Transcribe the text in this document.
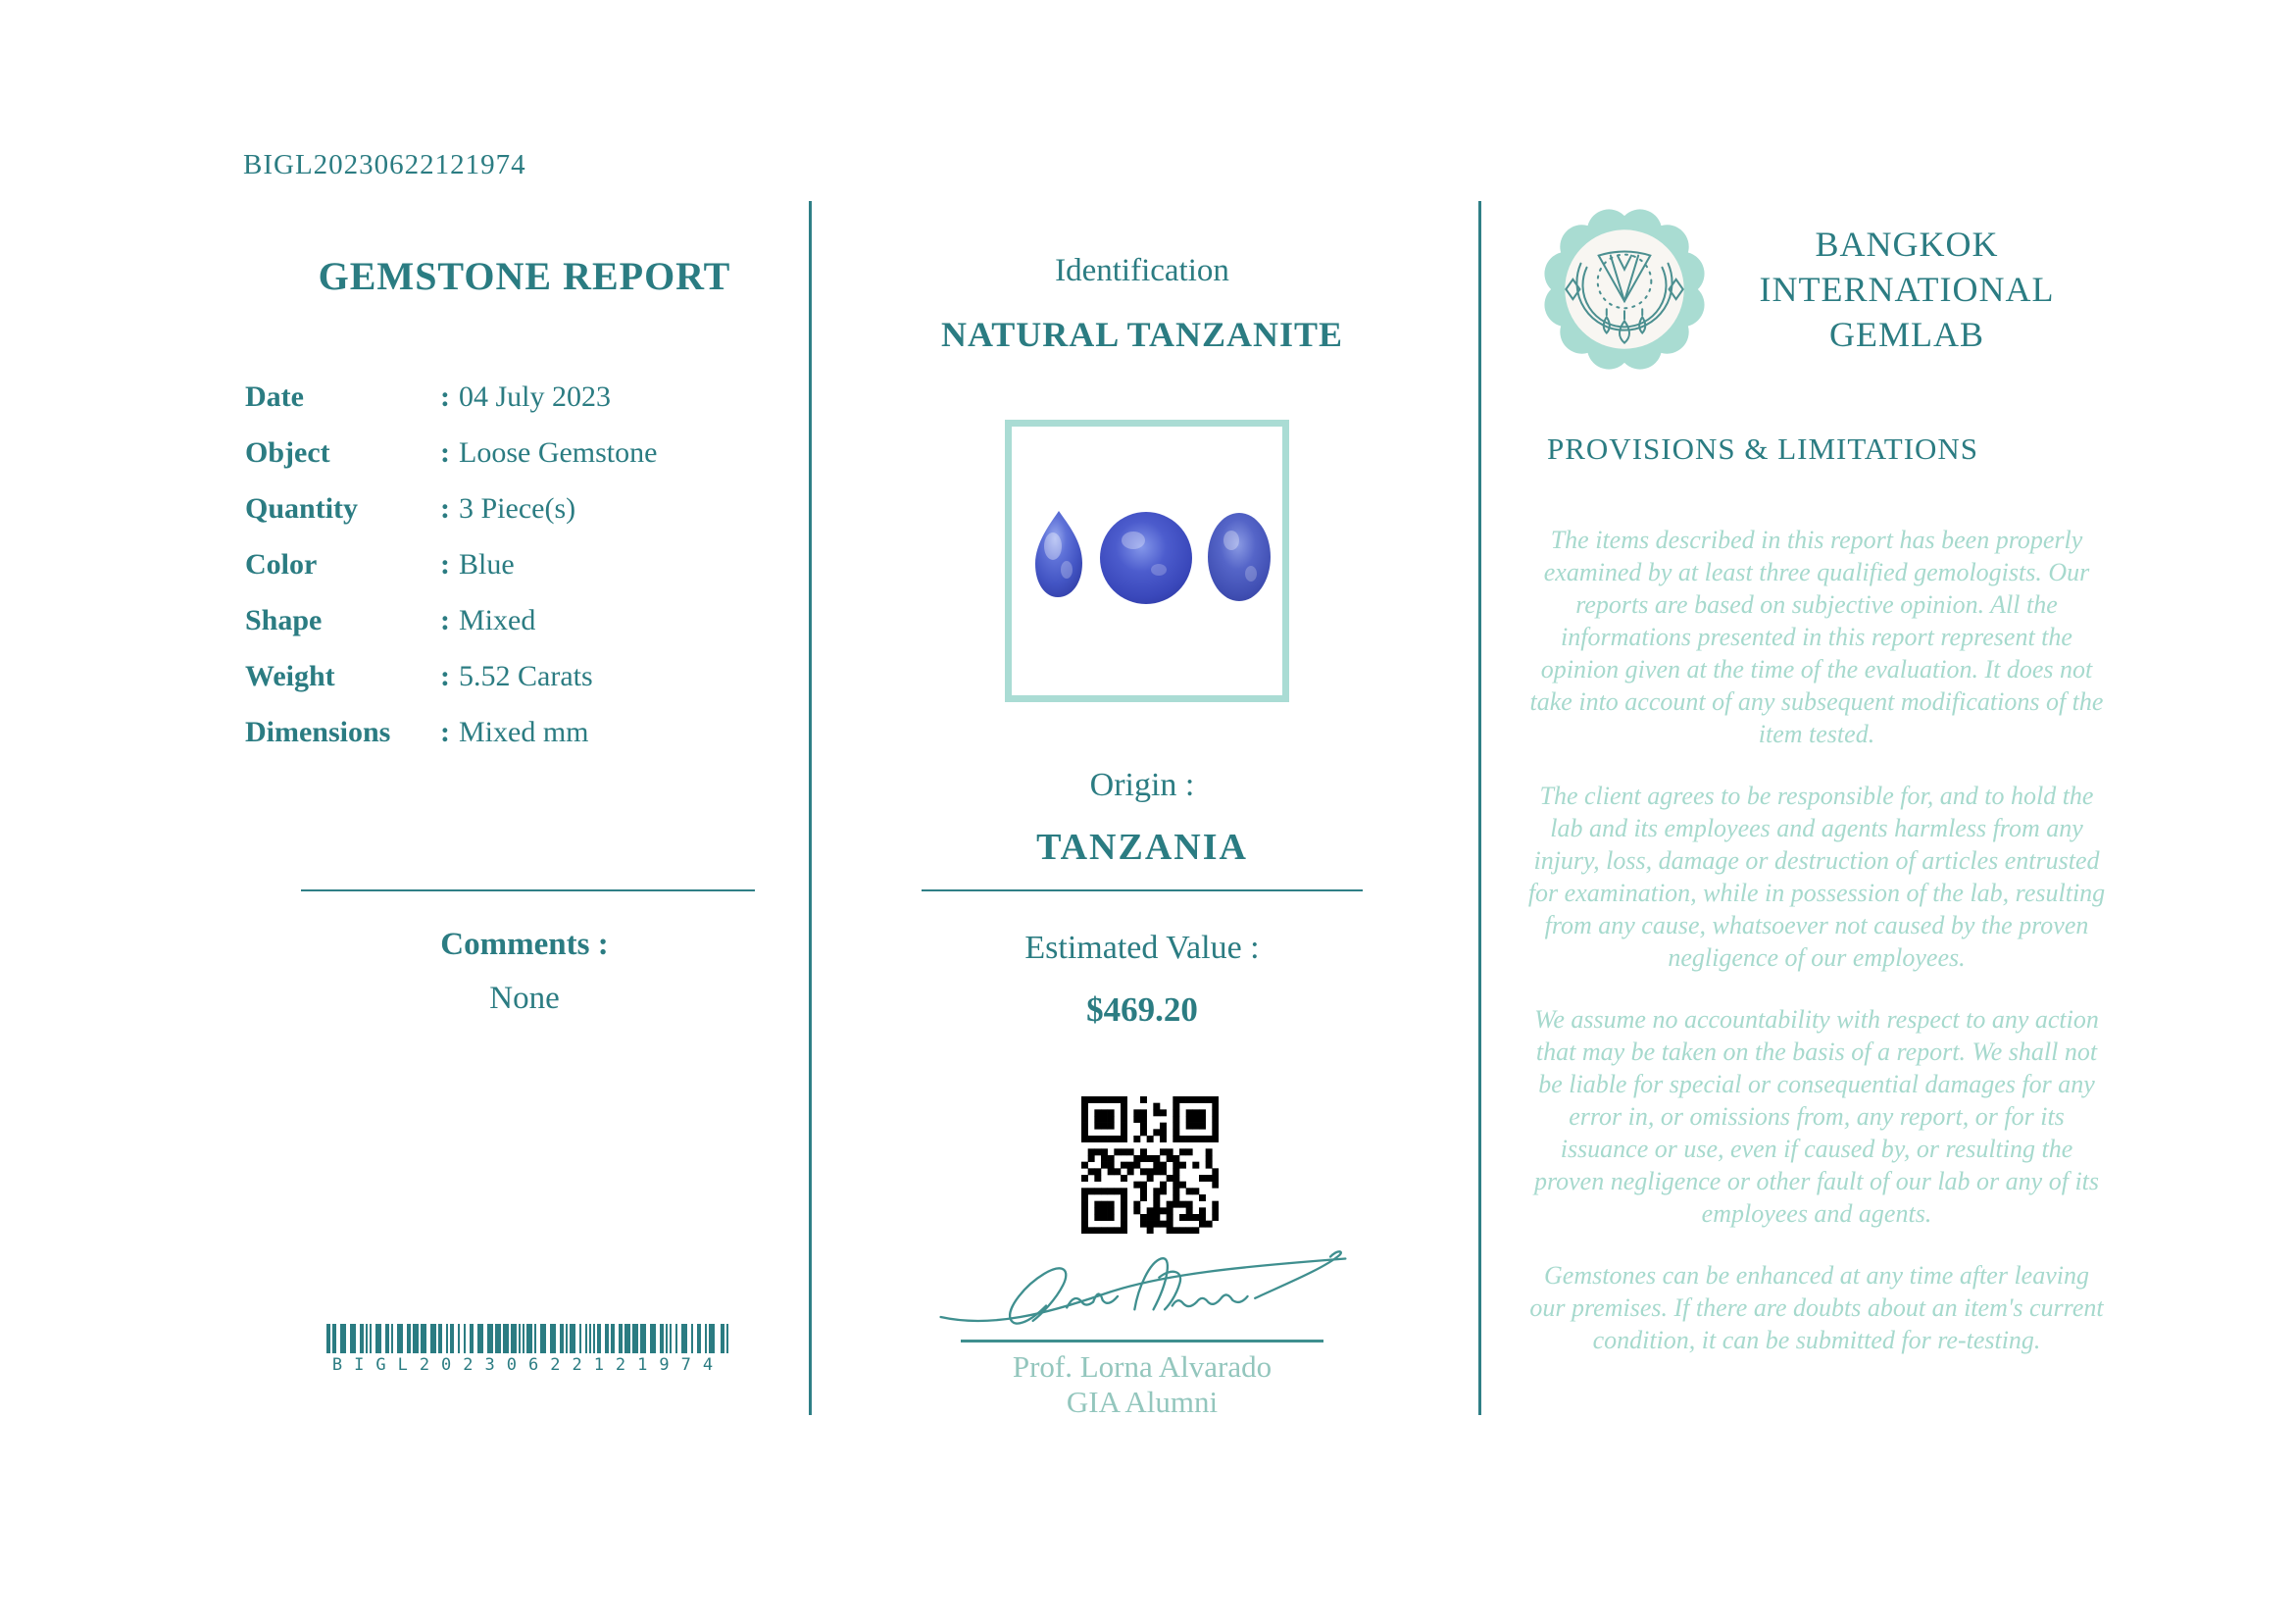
BIGL20230622121974
GEMSTONE REPORT
Date	: 04 July 2023
Object	: Loose Gemstone
Quantity	: 3 Piece(s)
Color	: Blue
Shape	: Mixed
Weight	: 5.52 Carats
Dimensions	: Mixed mm
Comments :
None
BIGL20230622121974
Identification
NATURAL TANZANITE
Origin :
TANZANIA
Estimated Value :
$469.20
Prof. Lorna Alvarado
GIA Alumni
BANGKOK
INTERNATIONAL
GEMLAB
PROVISIONS & LIMITATIONS

The items described in this report has been properly examined by at least three qualified gemologists. Our reports are based on subjective opinion. All the informations presented in this report represent the opinion given at the time of the evaluation. It does not take into account of any subsequent modifications of the item tested.

The client agrees to be responsible for, and to hold the lab and its employees and agents harmless from any injury, loss, damage or destruction of articles entrusted for examination, while in possession of the lab, resulting from any cause, whatsoever not caused by the proven negligence of our employees.

We assume no accountability with respect to any action that may be taken on the basis of a report. We shall not be liable for special or consequential damages for any error in, or omissions from, any report, or for its issuance or use, even if caused by, or resulting the proven negligence or other fault of our lab or any of its employees and agents.

Gemstones can be enhanced at any time after leaving our premises. If there are doubts about an item's current condition, it can be submitted for re-testing.
